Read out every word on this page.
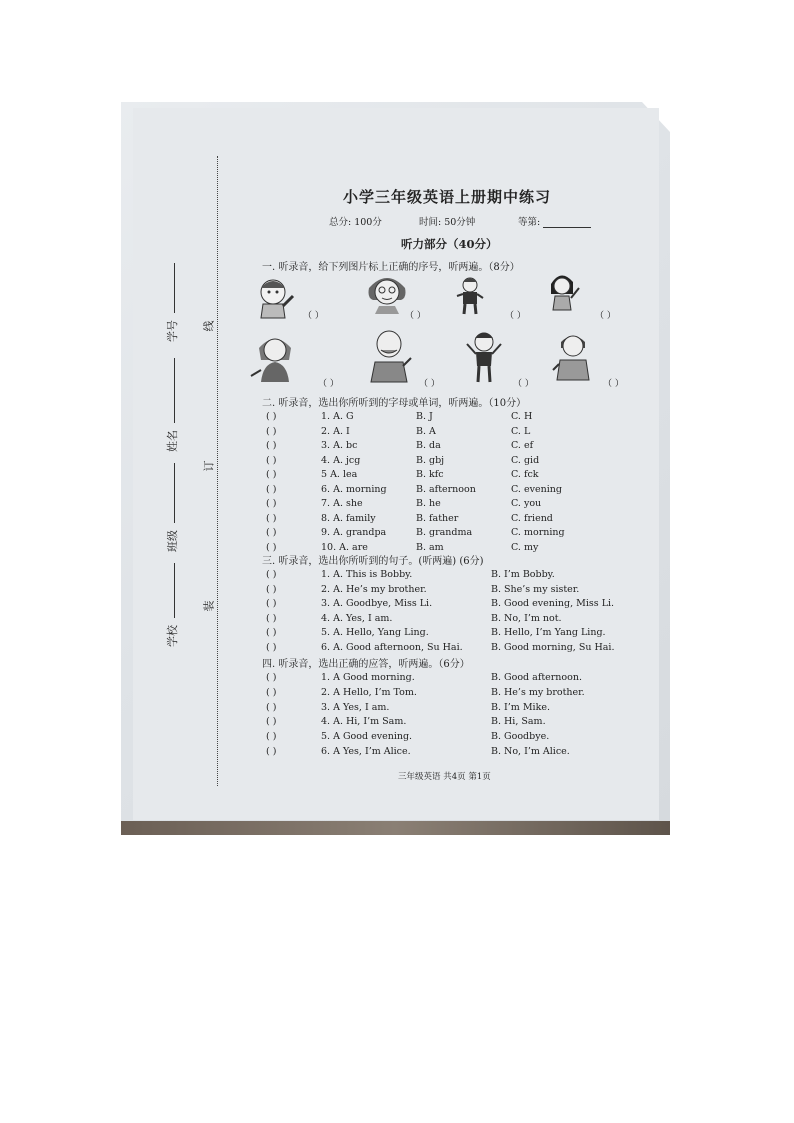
学校
班级
姓名
学号
装
订
线
小学三年级英语上册期中练习
总分: 100分	时间: 50分钟	等第:
听力部分（40分）
一. 听录音，给下列图片标上正确的序号，听两遍。（8分）
（ ）	（ ）	（ ）	（ ）
（ ）	（ ）	（ ）	（ ）
二. 听录音，选出你所听到的字母或单词，听两遍。（10分）
( )	1. A. G	B. J	C. H
( )	2. A. I	B. A	C. L
( )	3. A. bc	B. da	C. ef
( )	4. A. jcg	B. gbj	C. gid
( )	5 A. lea	B. kfc	C. fck
( )	6. A. morning	B. afternoon	C. evening
( )	7. A. she	B. he	C. you
( )	8. A. family	B. father	C. friend
( )	9. A. grandpa	B. grandma	C. morning
( )	10. A. are	B. am	C. my
三. 听录音，选出你所听到的句子。(听两遍) (6分)
( )	1. A. This is Bobby.	B. I’m Bobby.
( )	2. A. He’s my brother.	B. She’s my sister.
( )	3. A. Goodbye, Miss Li.	B. Good evening, Miss Li.
( )	4. A. Yes, I am.	B. No, I’m not.
( )	5. A. Hello, Yang Ling.	B. Hello, I’m Yang Ling.
( )	6. A. Good afternoon, Su Hai.	B. Good morning, Su Hai.
四. 听录音，选出正确的应答，听两遍。（6分）
( )	1. A Good morning.	B. Good afternoon.
( )	2. A Hello, I’m Tom.	B. He’s my brother.
( )	3. A Yes, I am.	B. I’m Mike.
( )	4. A. Hi, I’m Sam.	B. Hi, Sam.
( )	5. A Good evening.	B. Goodbye.
( )	6. A Yes, I’m Alice.	B. No, I’m Alice.
三年级英语 共4页 第1页
